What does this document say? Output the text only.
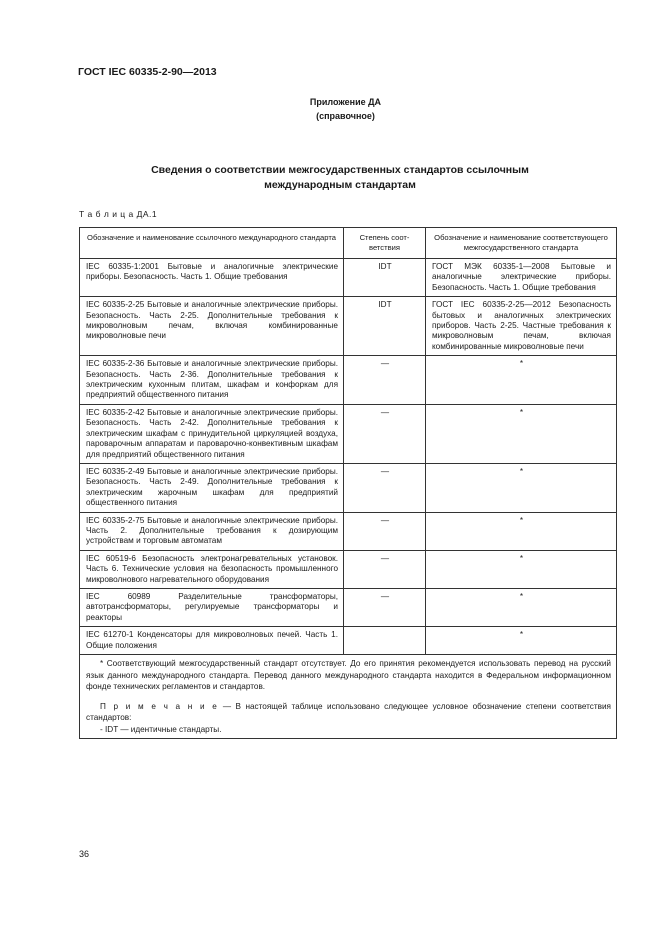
ГОСТ IEC 60335-2-90—2013
Приложение ДА
(справочное)
Сведения о соответствии межгосударственных стандартов ссылочным
международным стандартам
Т а б л и ц а ДА.1
Обозначение и наименование ссылочного международного стандарта	Степень соот-ветствия	Обозначение и наименование соответствующего межгосударственного стандарта
IEC 60335-1:2001 Бытовые и аналогичные электрические приборы. Безопасность. Часть 1. Общие требования	IDT	ГОСТ МЭК 60335-1—2008 Бытовые и аналогичные электрические приборы. Безопасность. Часть 1. Общие требования
IEC 60335-2-25 Бытовые и аналогичные электрические приборы. Безопасность. Часть 2-25. Дополнительные требования к микроволновым печам, включая комбинированные микроволновые печи	IDT	ГОСТ IEC 60335-2-25—2012 Безопасность бытовых и аналогичных электрических приборов. Часть 2-25. Частные требования к микроволновым печам, включая комбинированные микроволновые печи
IEC 60335-2-36 Бытовые и аналогичные электрические приборы. Безопасность. Часть 2-36. Дополнительные требования к электрическим кухонным плитам, шкафам и конфоркам для предприятий общественного питания	—	*
IEC 60335-2-42 Бытовые и аналогичные электрические приборы. Безопасность. Часть 2-42. Дополнительные требования к электрическим шкафам с принудительной циркуляцией воздуха, пароварочным аппаратам и пароварочно-конвективным шкафам для предприятий общественного питания	—	*
IEC 60335-2-49 Бытовые и аналогичные электрические приборы. Безопасность. Часть 2-49. Дополнительные требования к электрическим жарочным шкафам для предприятий общественного питания	—	*
IEC 60335-2-75 Бытовые и аналогичные электрические приборы. Часть 2. Дополнительные требования к дозирующим устройствам и торговым автоматам	—	*
IEC 60519-6 Безопасность электронагревательных установок. Часть 6. Технические условия на безопасность промышленного микроволнового нагревательного оборудования	—	*
IEC 60989 Разделительные трансформаторы, автотрансформаторы, регулируемые трансформаторы и реакторы	—	*
IEC 61270-1 Конденсаторы для микроволновых печей. Часть 1. Общие положения		*

* Соответствующий межгосударственный стандарт отсутствует. До его принятия рекомендуется использовать перевод на русский язык данного международного стандарта. Перевод данного международного стандарта находится в Федеральном информационном фонде технических регламентов и стандартов.

П р и м е ч а н и е — В настоящей таблице использовано следующее условное обозначение степени соответствия стандартов:

- IDT — идентичные стандарты.		

36
